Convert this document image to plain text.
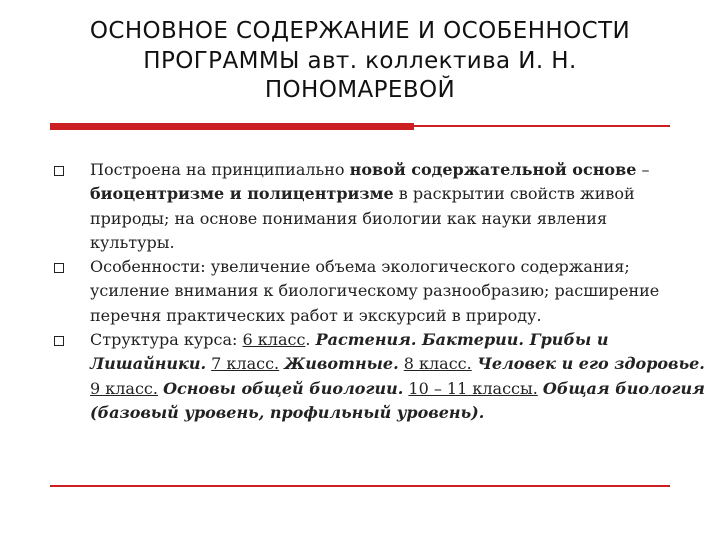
ОСНОВНОЕ СОДЕРЖАНИЕ И ОСОБЕННОСТИ
ПРОГРАММЫ авт. коллектива И. Н.
ПОНОМАРЕВОЙ
Построена на принципиально новой содержательной основе –
биоцентризме и полицентризме в раскрытии свойств живой
природы; на основе понимания биологии как науки явления
культуры.
Особенности: увеличение объема экологического содержания;
усиление внимания к биологическому разнообразию; расширение
перечня практических работ и экскурсий в природу.
Структура курса: 6 класс. Растения. Бактерии. Грибы и
Лишайники. 7 класс. Животные. 8 класс. Человек и его здоровье.
9 класс. Основы общей биологии. 10 – 11 классы. Общая биология
(базовый уровень, профильный уровень).
